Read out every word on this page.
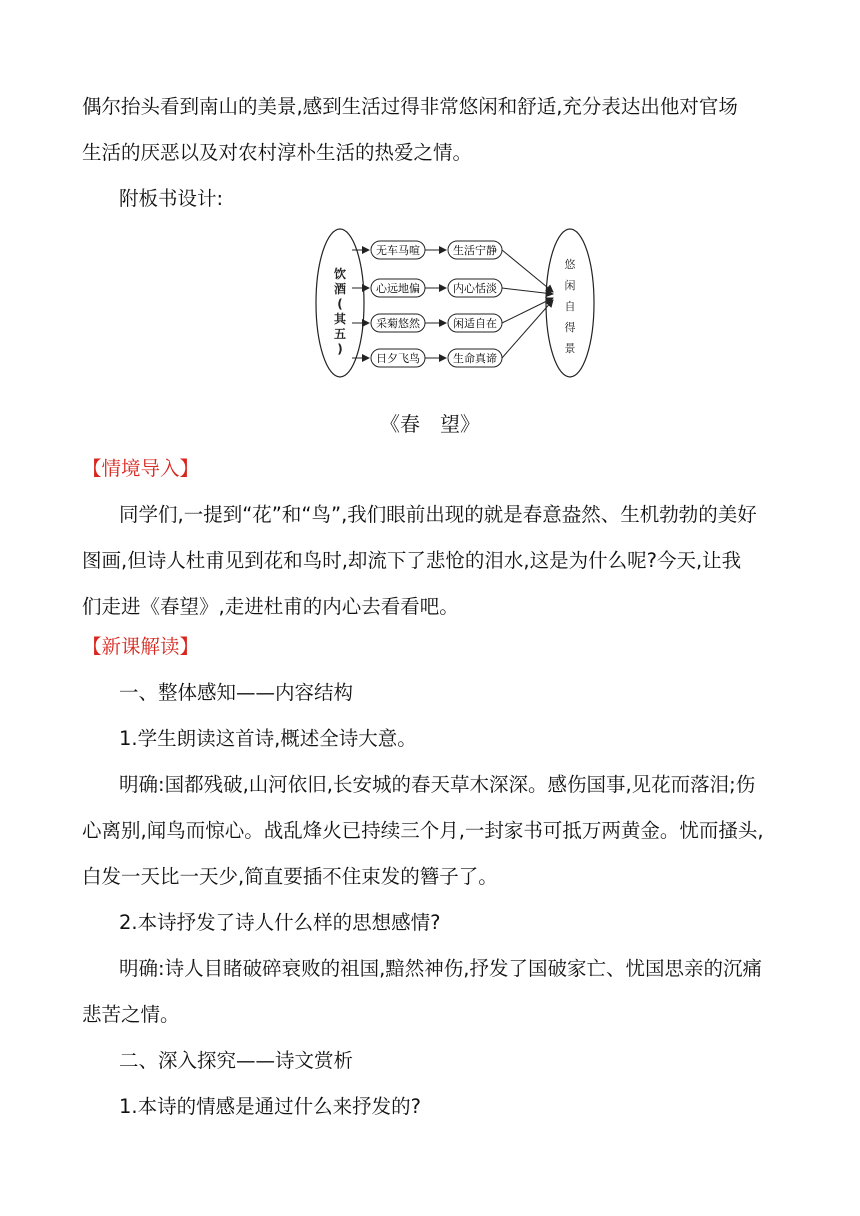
偶尔抬头看到南山的美景,感到生活过得非常悠闲和舒适,充分表达出他对官场
生活的厌恶以及对农村淳朴生活的热爱之情。
附板书设计:
饮
酒
(
其
五
)
悠
闲
自
得
景
无车马喧	生活宁静
心远地偏	内心恬淡
采菊悠然	闲适自在
日夕飞鸟	生命真谛
《春　望》
【情境导入】
同学们,一提到“花”和“鸟”,我们眼前出现的就是春意盎然、生机勃勃的美好
图画,但诗人杜甫见到花和鸟时,却流下了悲怆的泪水,这是为什么呢?今天,让我
们走进《春望》,走进杜甫的内心去看看吧。
【新课解读】
一、整体感知——内容结构
1.学生朗读这首诗,概述全诗大意。
明确:国都残破,山河依旧,长安城的春天草木深深。感伤国事,见花而落泪;伤
心离别,闻鸟而惊心。战乱烽火已持续三个月,一封家书可抵万两黄金。忧而搔头,
白发一天比一天少,简直要插不住束发的簪子了。
2.本诗抒发了诗人什么样的思想感情?
明确:诗人目睹破碎衰败的祖国,黯然神伤,抒发了国破家亡、忧国思亲的沉痛
悲苦之情。
二、深入探究——诗文赏析
1.本诗的情感是通过什么来抒发的?
